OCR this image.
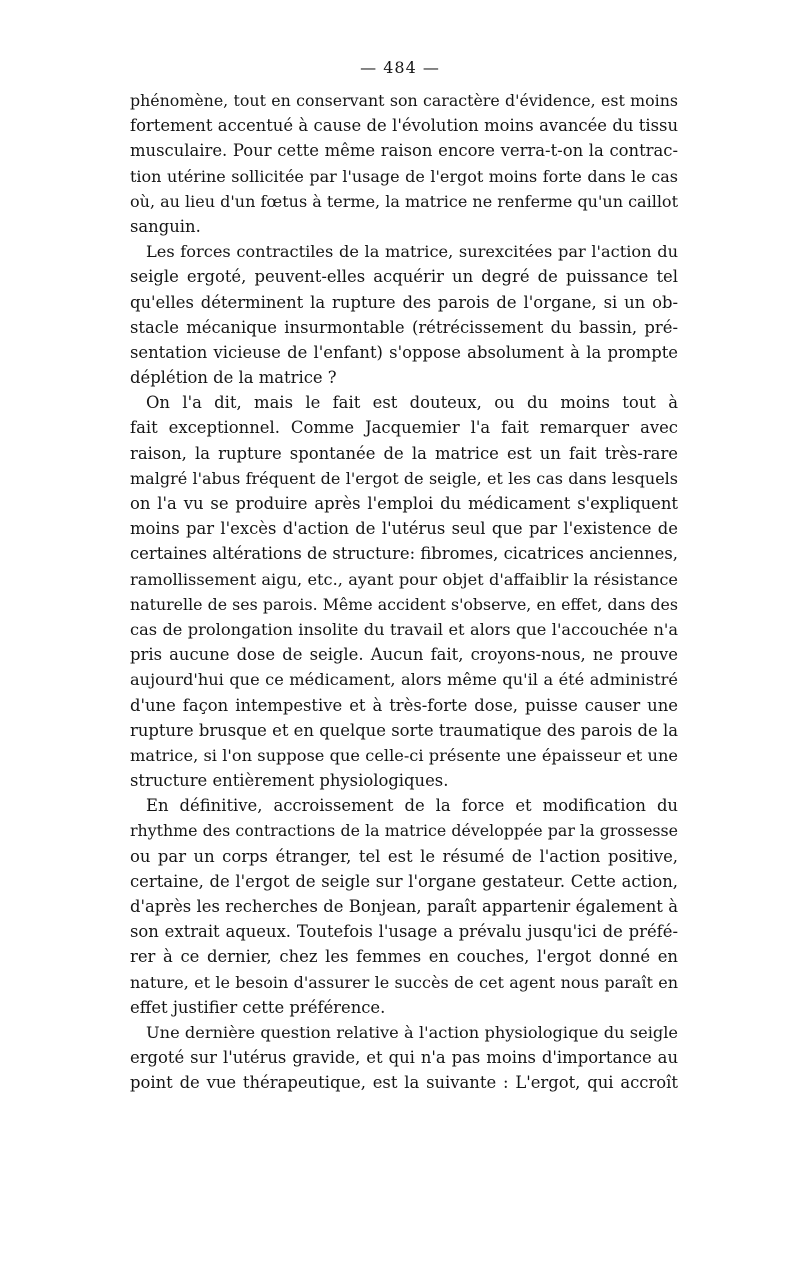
— 484 —
phénomène, tout en conservant son caractère d'évidence, est moins
fortement accentué à cause de l'évolution moins avancée du tissu
musculaire. Pour cette même raison encore verra-t-on la contrac-
tion utérine sollicitée par l'usage de l'ergot moins forte dans le cas
où, au lieu d'un fœtus à terme, la matrice ne renferme qu'un caillot
sanguin.
Les forces contractiles de la matrice, surexcitées par l'action du
seigle ergoté, peuvent-elles acquérir un degré de puissance tel
qu'elles déterminent la rupture des parois de l'organe, si un ob-
stacle mécanique insurmontable (rétrécissement du bassin, pré-
sentation vicieuse de l'enfant) s'oppose absolument à la prompte
déplétion de la matrice ?
On l'a dit, mais le fait est douteux, ou du moins tout à
fait exceptionnel. Comme Jacquemier l'a fait remarquer avec
raison, la rupture spontanée de la matrice est un fait très-rare
malgré l'abus fréquent de l'ergot de seigle, et les cas dans lesquels
on l'a vu se produire après l'emploi du médicament s'expliquent
moins par l'excès d'action de l'utérus seul que par l'existence de
certaines altérations de structure: fibromes, cicatrices anciennes,
ramollissement aigu, etc., ayant pour objet d'affaiblir la résistance
naturelle de ses parois. Même accident s'observe, en effet, dans des
cas de prolongation insolite du travail et alors que l'accouchée n'a
pris aucune dose de seigle. Aucun fait, croyons-nous, ne prouve
aujourd'hui que ce médicament, alors même qu'il a été administré
d'une façon intempestive et à très-forte dose, puisse causer une
rupture brusque et en quelque sorte traumatique des parois de la
matrice, si l'on suppose que celle-ci présente une épaisseur et une
structure entièrement physiologiques.
En définitive, accroissement de la force et modification du
rhythme des contractions de la matrice développée par la grossesse
ou par un corps étranger, tel est le résumé de l'action positive,
certaine, de l'ergot de seigle sur l'organe gestateur. Cette action,
d'après les recherches de Bonjean, paraît appartenir également à
son extrait aqueux. Toutefois l'usage a prévalu jusqu'ici de préfé-
rer à ce dernier, chez les femmes en couches, l'ergot donné en
nature, et le besoin d'assurer le succès de cet agent nous paraît en
effet justifier cette préférence.
Une dernière question relative à l'action physiologique du seigle
ergoté sur l'utérus gravide, et qui n'a pas moins d'importance au
point de vue thérapeutique, est la suivante : L'ergot, qui accroît
